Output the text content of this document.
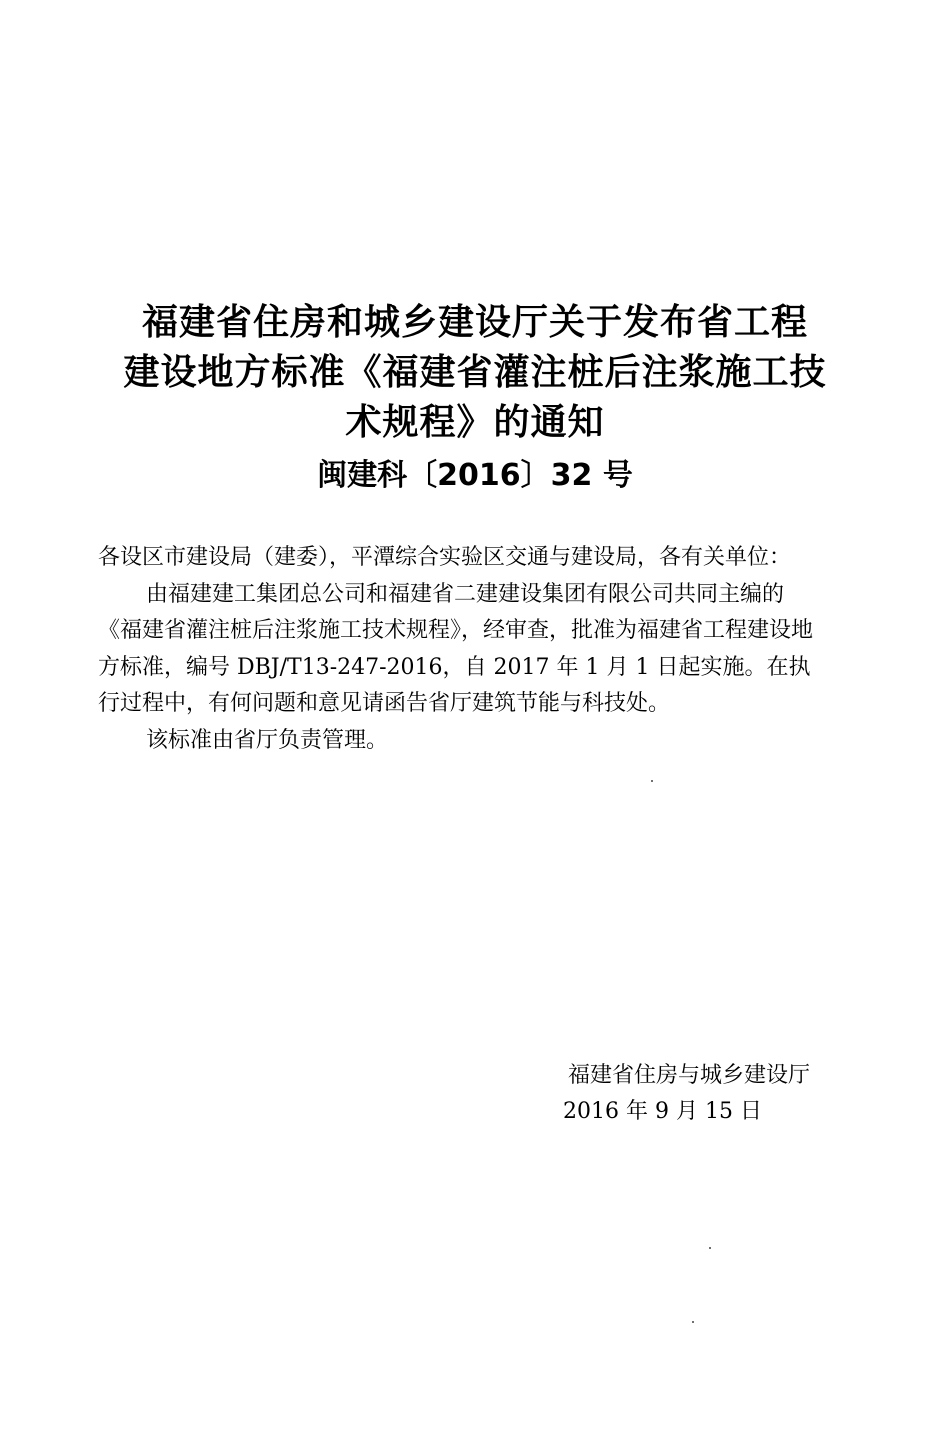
福建省住房和城乡建设厅关于发布省工程
建设地方标准《福建省灌注桩后注浆施工技
术规程》的通知
闽建科〔2016〕32 号

各设区市建设局（建委），平潭综合实验区交通与建设局，各有关单位：

由福建建工集团总公司和福建省二建建设集团有限公司共同主编的《福建省灌注桩后注浆施工技术规程》，经审查，批准为福建省工程建设地方标准，编号 DBJ/T13-247-2016，自 2017 年 1 月 1 日起实施。在执行过程中，有何问题和意见请函告省厅建筑节能与科技处。

该标准由省厅负责管理。

福建省住房与城乡建设厅
2016 年 9 月 15 日
